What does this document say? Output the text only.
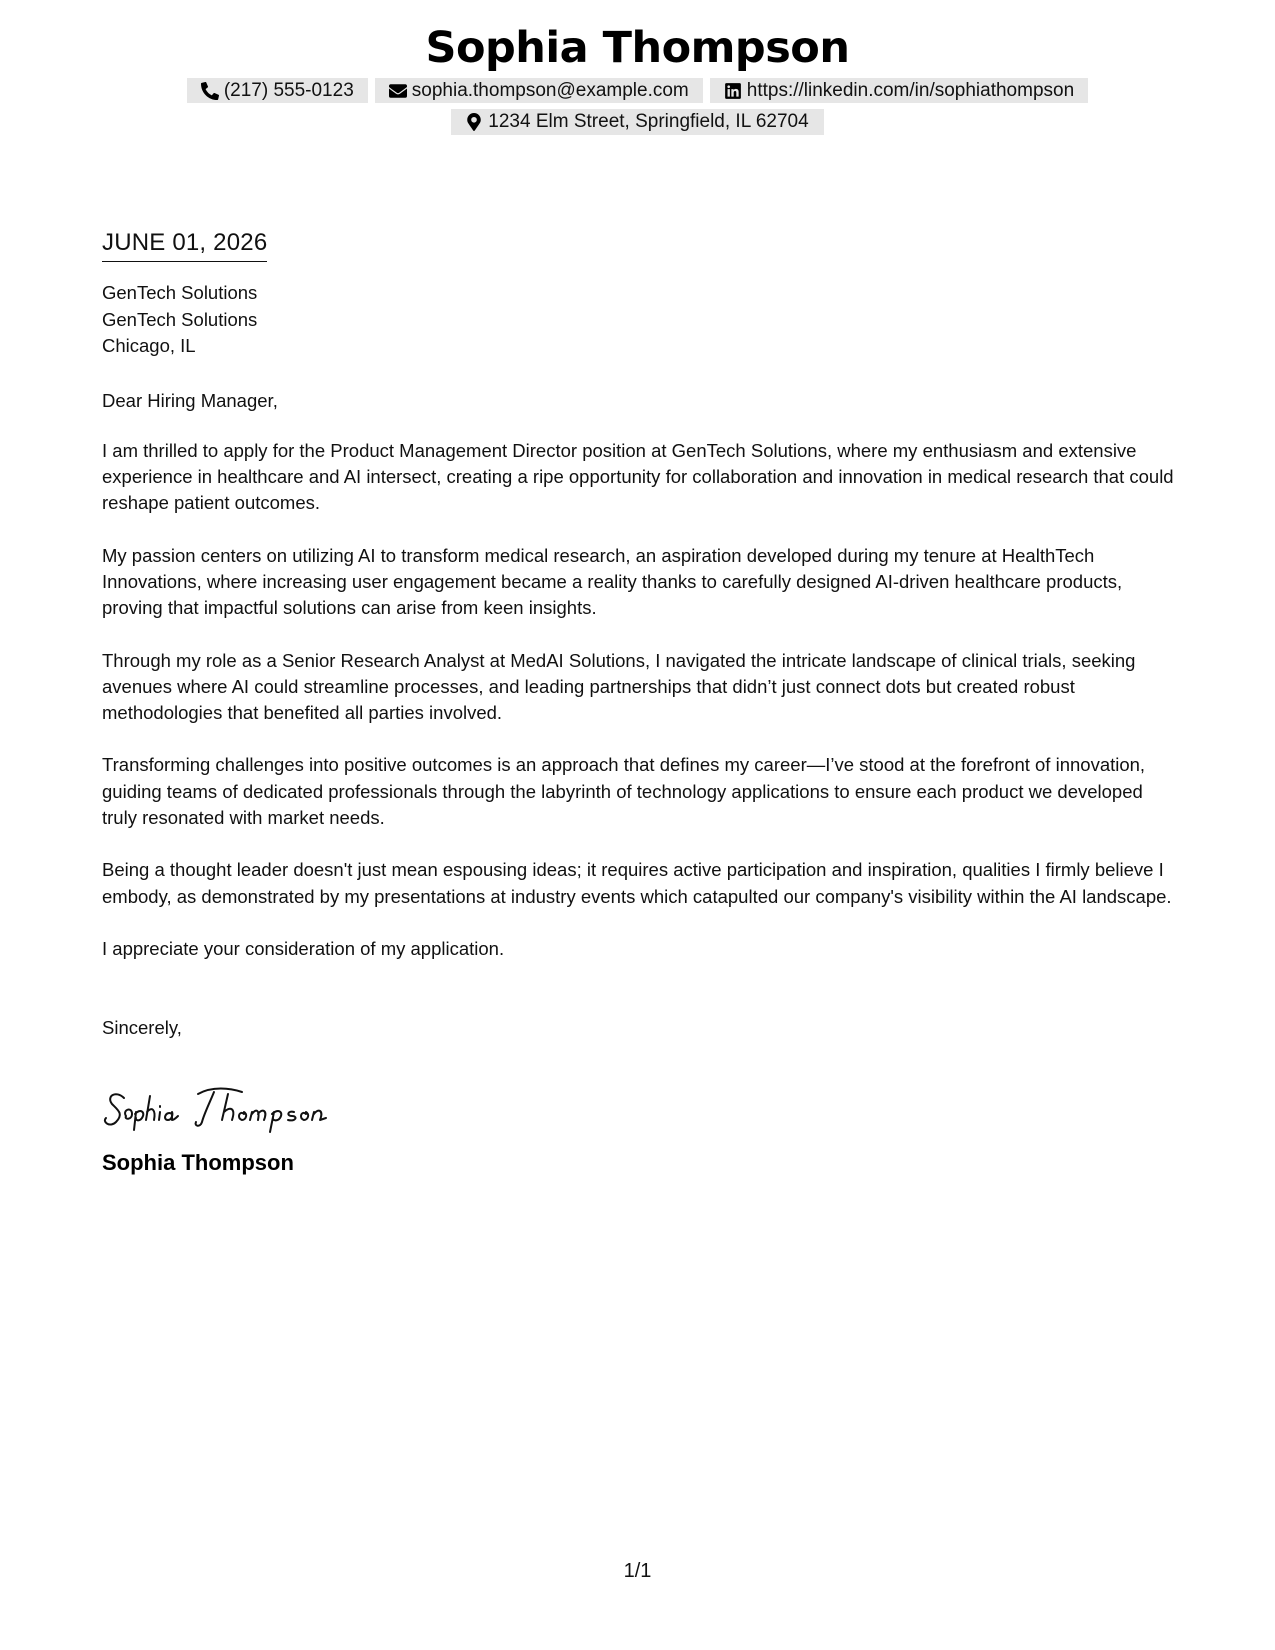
Sophia Thompson
(217) 555-0123	sophia.thompson@example.com	https://linkedin.com/in/sophiathompson
1234 Elm Street, Springfield, IL 62704
JUNE 01, 2026
GenTech Solutions
GenTech Solutions
Chicago, IL

Dear Hiring Manager,

I am thrilled to apply for the Product Management Director position at GenTech Solutions, where my enthusiasm and extensive experience in healthcare and AI intersect, creating a ripe opportunity for collaboration and innovation in medical research that could reshape patient outcomes.

My passion centers on utilizing AI to transform medical research, an aspiration developed during my tenure at HealthTech Innovations, where increasing user engagement became a reality thanks to carefully designed AI-driven healthcare products, proving that impactful solutions can arise from keen insights.

Through my role as a Senior Research Analyst at MedAI Solutions, I navigated the intricate landscape of clinical trials, seeking avenues where AI could streamline processes, and leading partnerships that didn’t just connect dots but created robust methodologies that benefited all parties involved.

Transforming challenges into positive outcomes is an approach that defines my career—I’ve stood at the forefront of innovation, guiding teams of dedicated professionals through the labyrinth of technology applications to ensure each product we developed truly resonated with market needs.

Being a thought leader doesn't just mean espousing ideas; it requires active participation and inspiration, qualities I firmly believe I embody, as demonstrated by my presentations at industry events which catapulted our company's visibility within the AI landscape.

I appreciate your consideration of my application.

Sincerely,

Sophia Thompson
1/1
